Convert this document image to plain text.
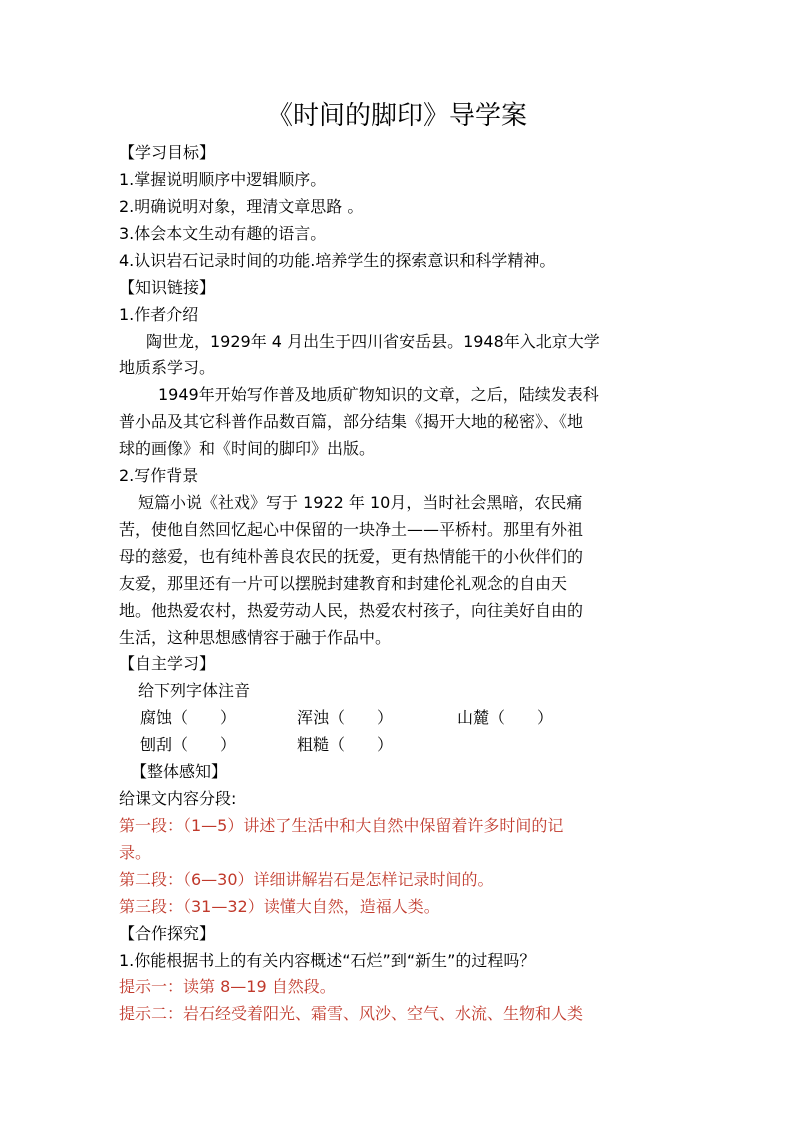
《时间的脚印》导学案
【学习目标】
1.掌握说明顺序中逻辑顺序。
2.明确说明对象，理清文章思路 。
3.体会本文生动有趣的语言。
4.认识岩石记录时间的功能.培养学生的探索意识和科学精神。
【知识链接】
1.作者介绍
陶世龙，1929年 4 月出生于四川省安岳县。1948年入北京大学
地质系学习。
1949年开始写作普及地质矿物知识的文章，之后，陆续发表科
普小品及其它科普作品数百篇，部分结集《揭开大地的秘密》、《地
球的画像》和《时间的脚印》出版。
2.写作背景
短篇小说《社戏》写于 1922 年 10月，当时社会黑暗，农民痛
苦，使他自然回忆起心中保留的一块净土——平桥村。那里有外祖
母的慈爱，也有纯朴善良农民的抚爱，更有热情能干的小伙伴们的
友爱，那里还有一片可以摆脱封建教育和封建伦礼观念的自由天
地。他热爱农村，热爱劳动人民，热爱农村孩子，向往美好自由的
生活，这种思想感情容于融于作品中。
【自主学习】
给下列字体注音
腐蚀（　　）	浑浊（　　）	山麓（　　）
刨刮（　　）	粗糙（　　）
【整体感知】
给课文内容分段:
第一段：（1—5）讲述了生活中和大自然中保留着许多时间的记
录。
第二段：（6—30）详细讲解岩石是怎样记录时间的。
第三段：（31—32）读懂大自然，造福人类。
【合作探究】
1.你能根据书上的有关内容概述“石烂”到“新生”的过程吗？
提示一：读第 8—19 自然段。
提示二：岩石经受着阳光、霜雪、风沙、空气、水流、生物和人类
